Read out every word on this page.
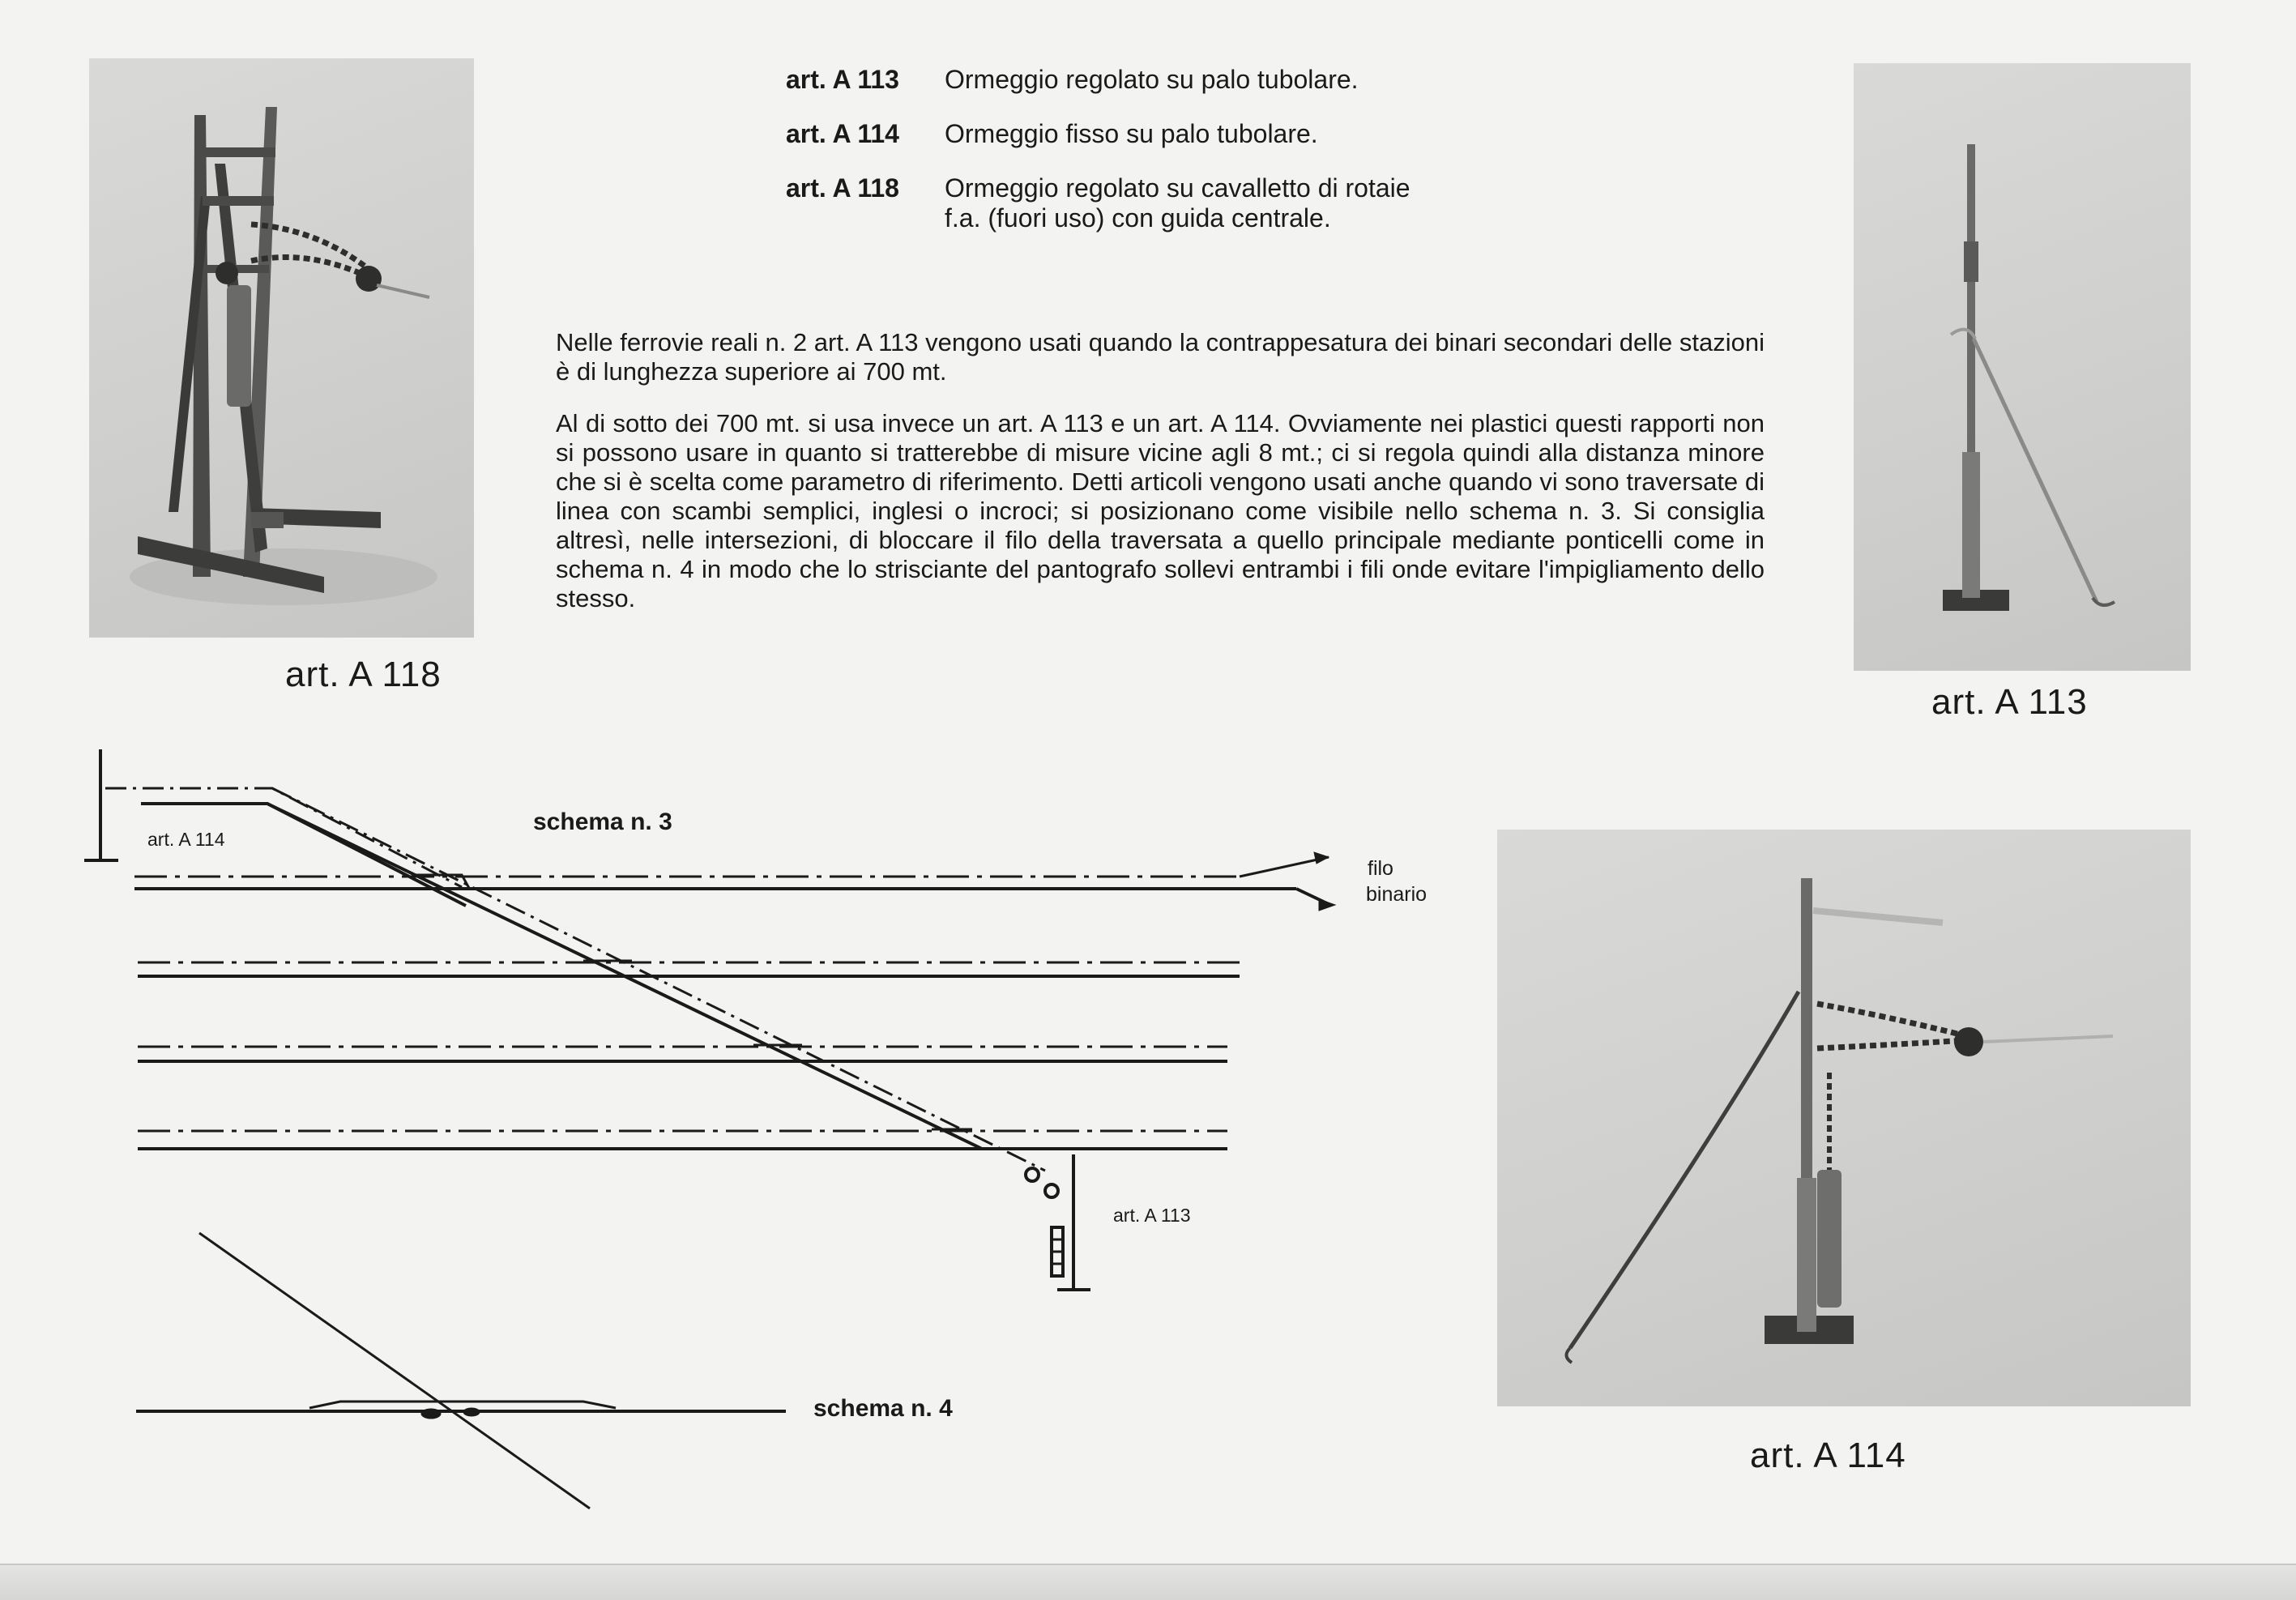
art. A 118
art. A 113
art. A 114
art. A 113	Ormeggio regolato su palo tubolare.
art. A 114	Ormeggio fisso su palo tubolare.
art. A 118	Ormeggio regolato su cavalletto di rotaie
f.a. (fuori uso) con guida centrale.

Nelle ferrovie reali n. 2 art. A 113 vengono usati quando la contrappesatura dei binari secondari delle stazioni è di lunghezza superiore ai 700 mt.

Al di sotto dei 700 mt. si usa invece un art. A 113 e un art. A 114. Ovviamente nei plastici questi rapporti non si possono usare in quanto si tratterebbe di misure vicine agli 8 mt.; ci si regola quindi alla distanza minore che si è scelta come parametro di riferimento. Detti articoli vengono usati anche quando vi sono traversate di linea con scambi semplici, inglesi o incroci; si posizionano come visibile nello schema n. 3. Si consiglia altresì, nelle intersezioni, di bloccare il filo della traversata a quello principale mediante ponticelli come in schema n. 4 in modo che lo strisciante del pantografo sollevi entrambi i fili onde evitare l'impigliamento dello stesso.

art. A 114
schema n. 3
filo
binario
art. A 113
schema n. 4
